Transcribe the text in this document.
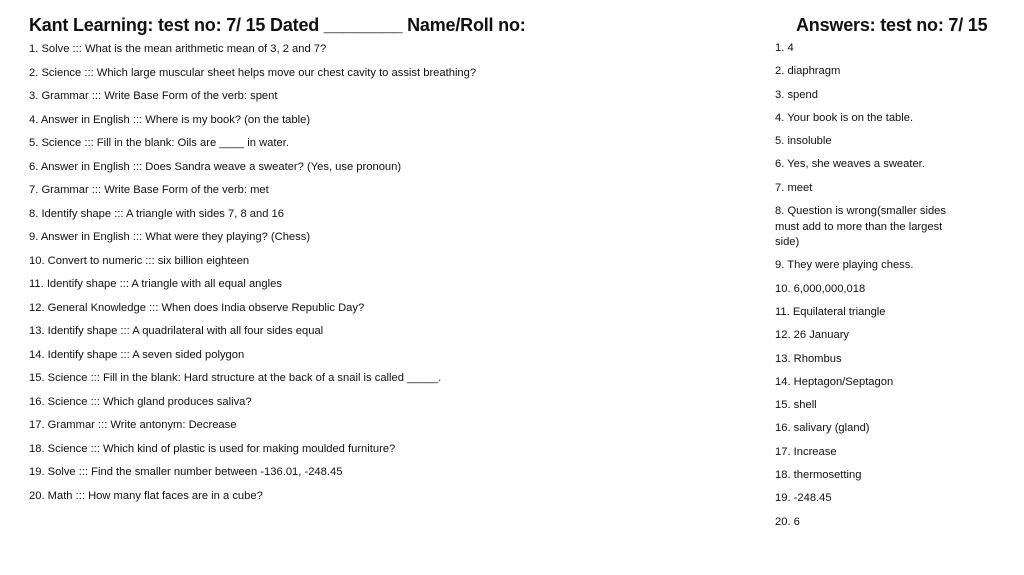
Kant Learning: test no: 7/ 15 Dated ________ Name/Roll no:	Answers: test no: 7/ 15
1. Solve ::: What is the mean arithmetic mean of 3, 2 and 7?
2. Science ::: Which large muscular sheet helps move our chest cavity to assist breathing?
3. Grammar ::: Write Base Form of the verb: spent
4. Answer in English ::: Where is my book? (on the table)
5. Science ::: Fill in the blank: Oils are ____ in water.
6. Answer in English ::: Does Sandra weave a sweater? (Yes, use pronoun)
7. Grammar ::: Write Base Form of the verb: met
8. Identify shape ::: A triangle with sides 7, 8 and 16
9. Answer in English ::: What were they playing? (Chess)
10. Convert to numeric ::: six billion eighteen
11. Identify shape ::: A triangle with all equal angles
12. General Knowledge ::: When does India observe Republic Day?
13. Identify shape ::: A quadrilateral with all four sides equal
14. Identify shape ::: A seven sided polygon
15. Science ::: Fill in the blank: Hard structure at the back of a snail is called _____.
16. Science ::: Which gland produces saliva?
17. Grammar ::: Write antonym: Decrease
18. Science ::: Which kind of plastic is used for making moulded furniture?
19. Solve ::: Find the smaller number between -136.01, -248.45
20. Math ::: How many flat faces are in a cube?
1. 4
2. diaphragm
3. spend
4. Your book is on the table.
5. insoluble
6. Yes, she weaves a sweater.
7. meet
8. Question is wrong(smaller sides must add to more than the largest side)
9. They were playing chess.
10. 6,000,000,018
11. Equilateral triangle
12. 26 January
13. Rhombus
14. Heptagon/Septagon
15. shell
16. salivary (gland)
17. Increase
18. thermosetting
19. -248.45
20. 6
